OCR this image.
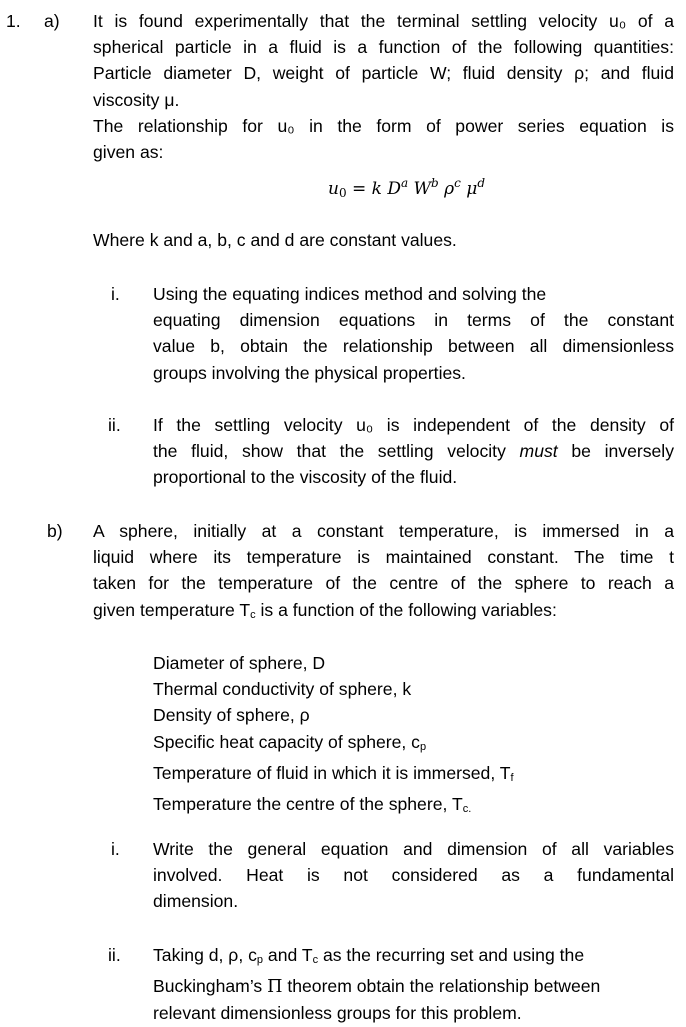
1. a) It is found experimentally that the terminal settling velocity u₀ of a
spherical particle in a fluid is a function of the following quantities:
Particle diameter D, weight of particle W; fluid density ρ; and fluid
viscosity μ.
The relationship for u₀ in the form of power series equation is
given as:
$u_0 = k$ $D^a$ $W^b$ $\rho^c$ $\mu^d$
Where k and a, b, c and d are constant values.
i. Using the equating indices method and solving the
equating dimension equations in terms of the constant
value b, obtain the relationship between all dimensionless
groups involving the physical properties.
ii. If the settling velocity u₀ is independent of the density of
the fluid, show that the settling velocity must be inversely
proportional to the viscosity of the fluid.
b) A sphere, initially at a constant temperature, is immersed in a
liquid where its temperature is maintained constant. The time t
taken for the temperature of the centre of the sphere to reach a
given temperature $T_c$ is a function of the following variables:
Diameter of sphere, D
Thermal conductivity of sphere, k
Density of sphere, ρ
Specific heat capacity of sphere, $c_p$
Temperature of fluid in which it is immersed, $T_f$
Temperature the centre of the sphere, $T_{c.}$
i. Write the general equation and dimension of all variables
involved. Heat is not considered as a fundamental
dimension.
ii. Taking d, ρ, $c_p$ and $T_c$ as the recurring set and using the
Buckingham’s Π theorem obtain the relationship between
relevant dimensionless groups for this problem.
